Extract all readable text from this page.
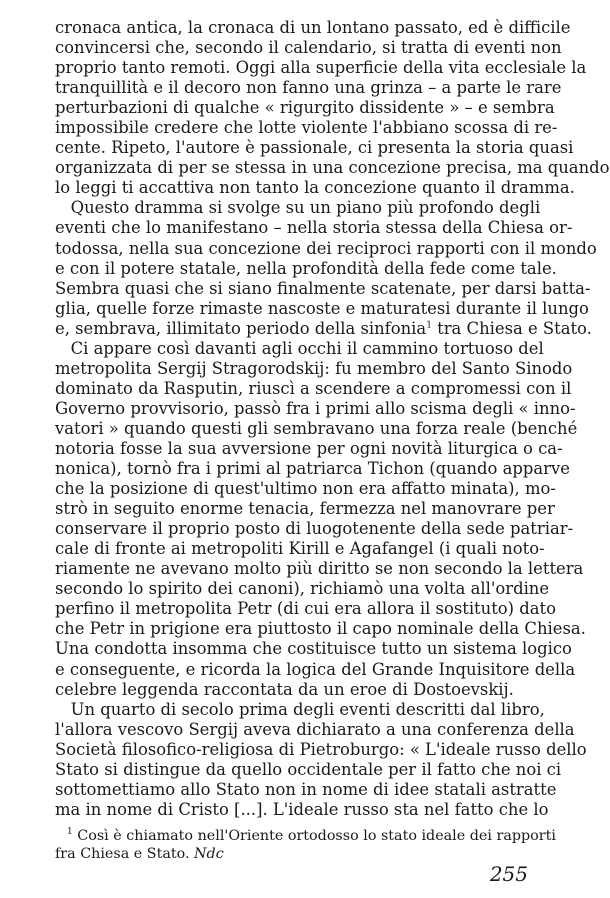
cronaca antica, la cronaca di un lontano passato, ed è difficile
convincersi che, secondo il calendario, si tratta di eventi non
proprio tanto remoti. Oggi alla superficie della vita ecclesiale la
tranquillità e il decoro non fanno una grinza – a parte le rare
perturbazioni di qualche « rigurgito dissidente » – e sembra
impossibile credere che lotte violente l'abbiano scossa di re-
cente. Ripeto, l'autore è passionale, ci presenta la storia quasi
organizzata di per se stessa in una concezione precisa, ma quando
lo leggi ti accattiva non tanto la concezione quanto il dramma.
Questo dramma si svolge su un piano più profondo degli
eventi che lo manifestano – nella storia stessa della Chiesa or-
todossa, nella sua concezione dei reciproci rapporti con il mondo
e con il potere statale, nella profondità della fede come tale.
Sembra quasi che si siano finalmente scatenate, per darsi batta-
glia, quelle forze rimaste nascoste e maturatesi durante il lungo
e, sembrava, illimitato periodo della sinfonia$^1$ tra Chiesa e Stato.
Ci appare così davanti agli occhi il cammino tortuoso del
metropolita Sergij Stragorodskij: fu membro del Santo Sinodo
dominato da Rasputin, riuscì a scendere a compromessi con il
Governo provvisorio, passò fra i primi allo scisma degli « inno-
vatori » quando questi gli sembravano una forza reale (benché
notoria fosse la sua avversione per ogni novità liturgica o ca-
nonica), tornò fra i primi al patriarca Tichon (quando apparve
che la posizione di quest'ultimo non era affatto minata), mo-
strò in seguito enorme tenacia, fermezza nel manovrare per
conservare il proprio posto di luogotenente della sede patriar-
cale di fronte ai metropoliti Kirill e Agafangel (i quali noto-
riamente ne avevano molto più diritto se non secondo la lettera
secondo lo spirito dei canoni), richiamò una volta all'ordine
perfino il metropolita Petr (di cui era allora il sostituto) dato
che Petr in prigione era piuttosto il capo nominale della Chiesa.
Una condotta insomma che costituisce tutto un sistema logico
e conseguente, e ricorda la logica del Grande Inquisitore della
celebre leggenda raccontata da un eroe di Dostoevskij.
Un quarto di secolo prima degli eventi descritti dal libro,
l'allora vescovo Sergij aveva dichiarato a una conferenza della
Società filosofico-religiosa di Pietroburgo: « L'ideale russo dello
Stato si distingue da quello occidentale per il fatto che noi ci
sottomettiamo allo Stato non in nome di idee statali astratte
ma in nome di Cristo [...]. L'ideale russo sta nel fatto che lo
$^1$ Così è chiamato nell'Oriente ortodosso lo stato ideale dei rapporti
fra Chiesa e Stato. Ndc
255
